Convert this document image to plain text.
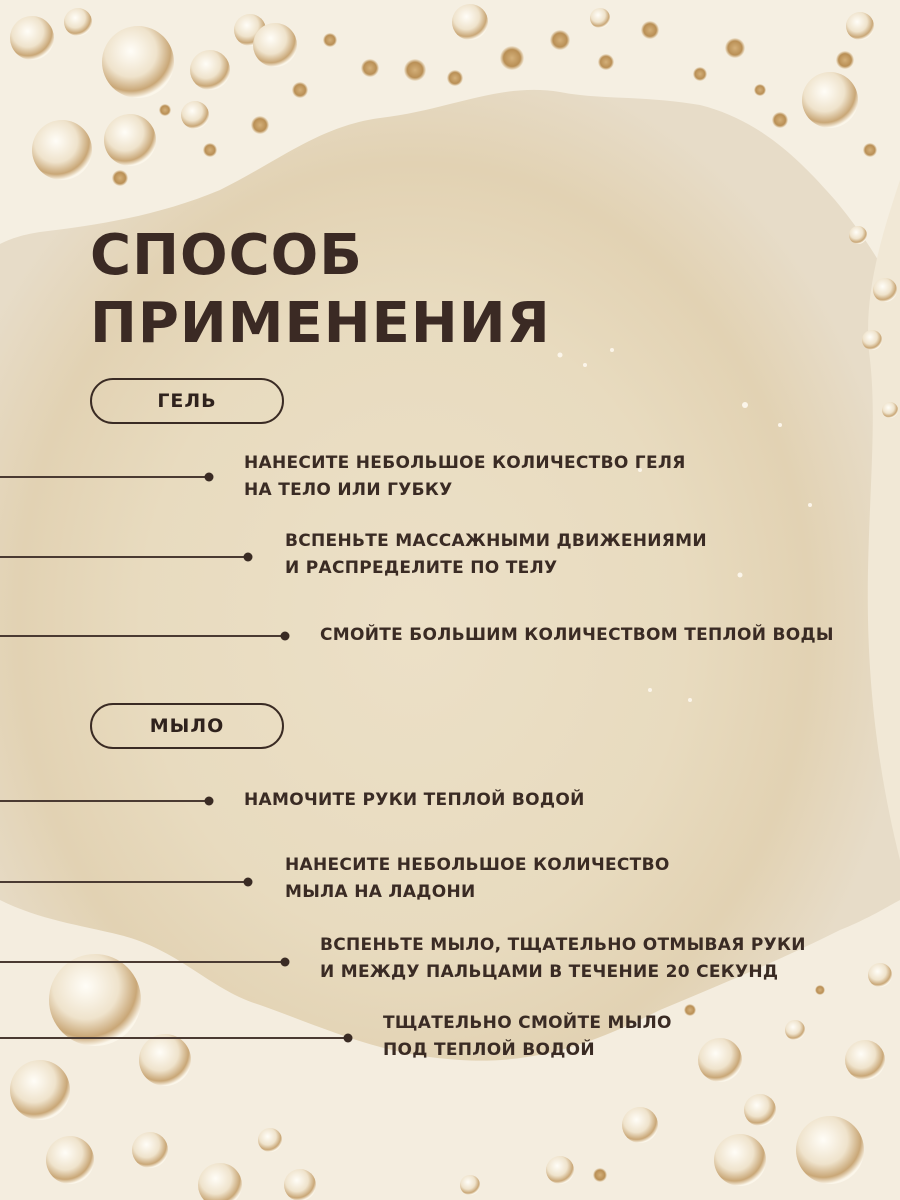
СПОСОБ
ПРИМЕНЕНИЯ
ГЕЛЬ

НАНЕСИТЕ НЕБОЛЬШОЕ КОЛИЧЕСТВО ГЕЛЯ
НА ТЕЛО ИЛИ ГУБКУ

ВСПЕНЬТЕ МАССАЖНЫМИ ДВИЖЕНИЯМИ
И РАСПРЕДЕЛИТЕ ПО ТЕЛУ

СМОЙТЕ БОЛЬШИМ КОЛИЧЕСТВОМ ТЕПЛОЙ ВОДЫ

МЫЛО

НАМОЧИТЕ РУКИ ТЕПЛОЙ ВОДОЙ

НАНЕСИТЕ НЕБОЛЬШОЕ КОЛИЧЕСТВО
МЫЛА НА ЛАДОНИ

ВСПЕНЬТЕ МЫЛО, ТЩАТЕЛЬНО ОТМЫВАЯ РУКИ
И МЕЖДУ ПАЛЬЦАМИ В ТЕЧЕНИЕ 20 СЕКУНД

ТЩАТЕЛЬНО СМОЙТЕ МЫЛО
ПОД ТЕПЛОЙ ВОДОЙ
